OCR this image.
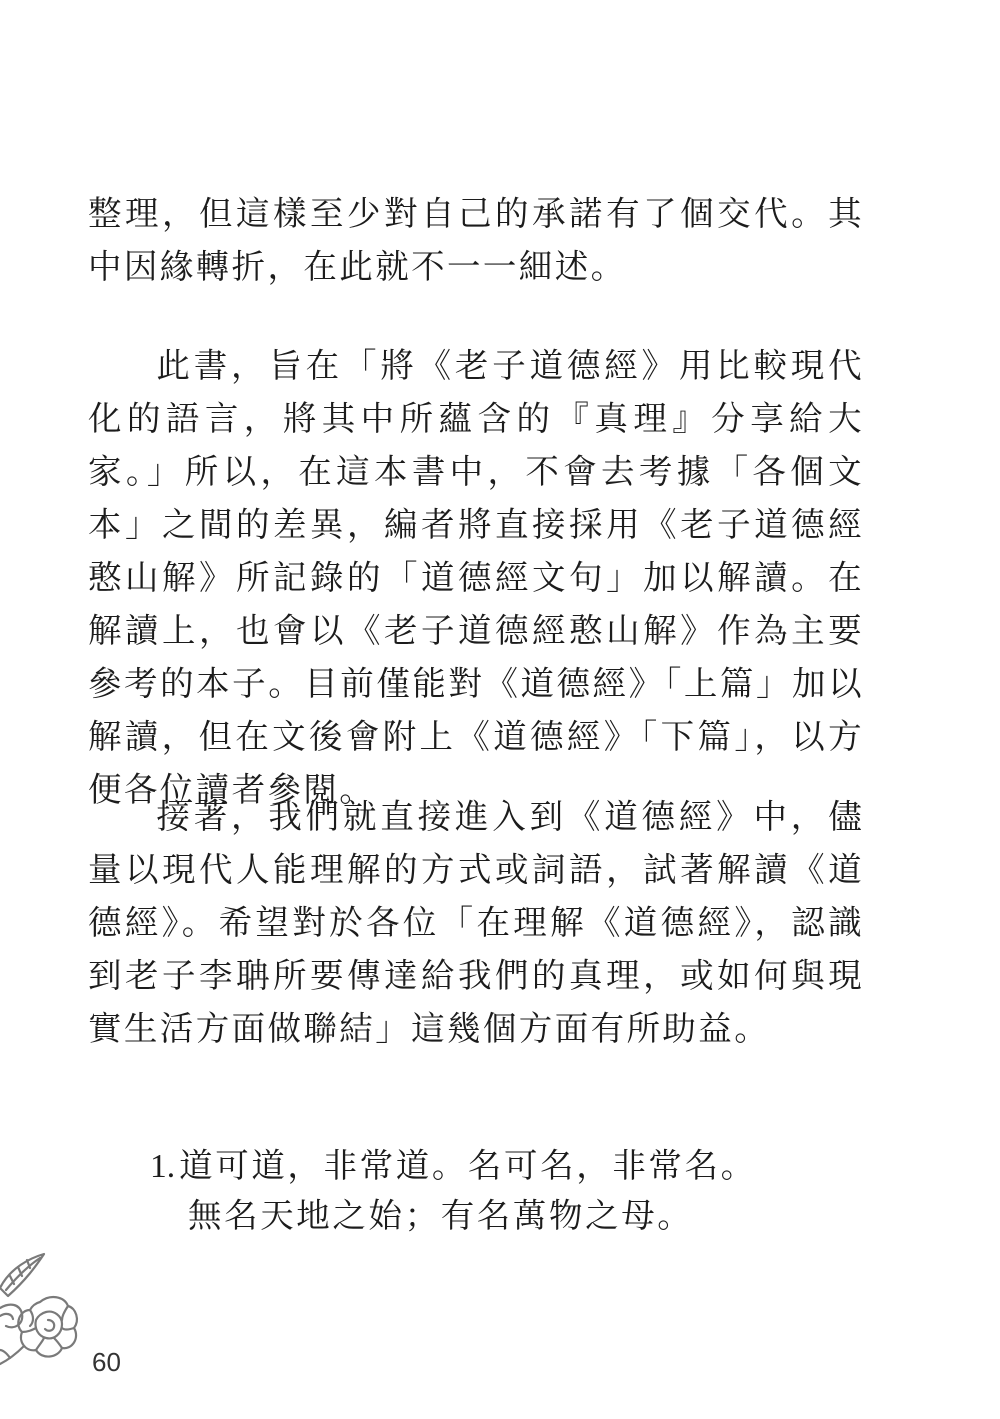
整理，但這樣至少對自己的承諾有了個交代。其中因緣轉折，在此就不一一細述。

此書，旨在「將《老子道德經》用比較現代化的語言，將其中所蘊含的『真理』分享給大家。」所以，在這本書中，不會去考據「各個文本」之間的差異，編者將直接採用《老子道德經憨山解》所記錄的「道德經文句」加以解讀。在解讀上，也會以《老子道德經憨山解》作為主要參考的本子。目前僅能對《道德經》「上篇」加以解讀，但在文後會附上《道德經》「下篇」，以方便各位讀者參閱。

接著，我們就直接進入到《道德經》中，儘量以現代人能理解的方式或詞語，試著解讀《道德經》。希望對於各位「在理解《道德經》，認識到老子李聃所要傳達給我們的真理，或如何與現實生活方面做聯結」這幾個方面有所助益。

1. 道可道，非常道。名可名，非常名。

無名天地之始；有名萬物之母。

60
